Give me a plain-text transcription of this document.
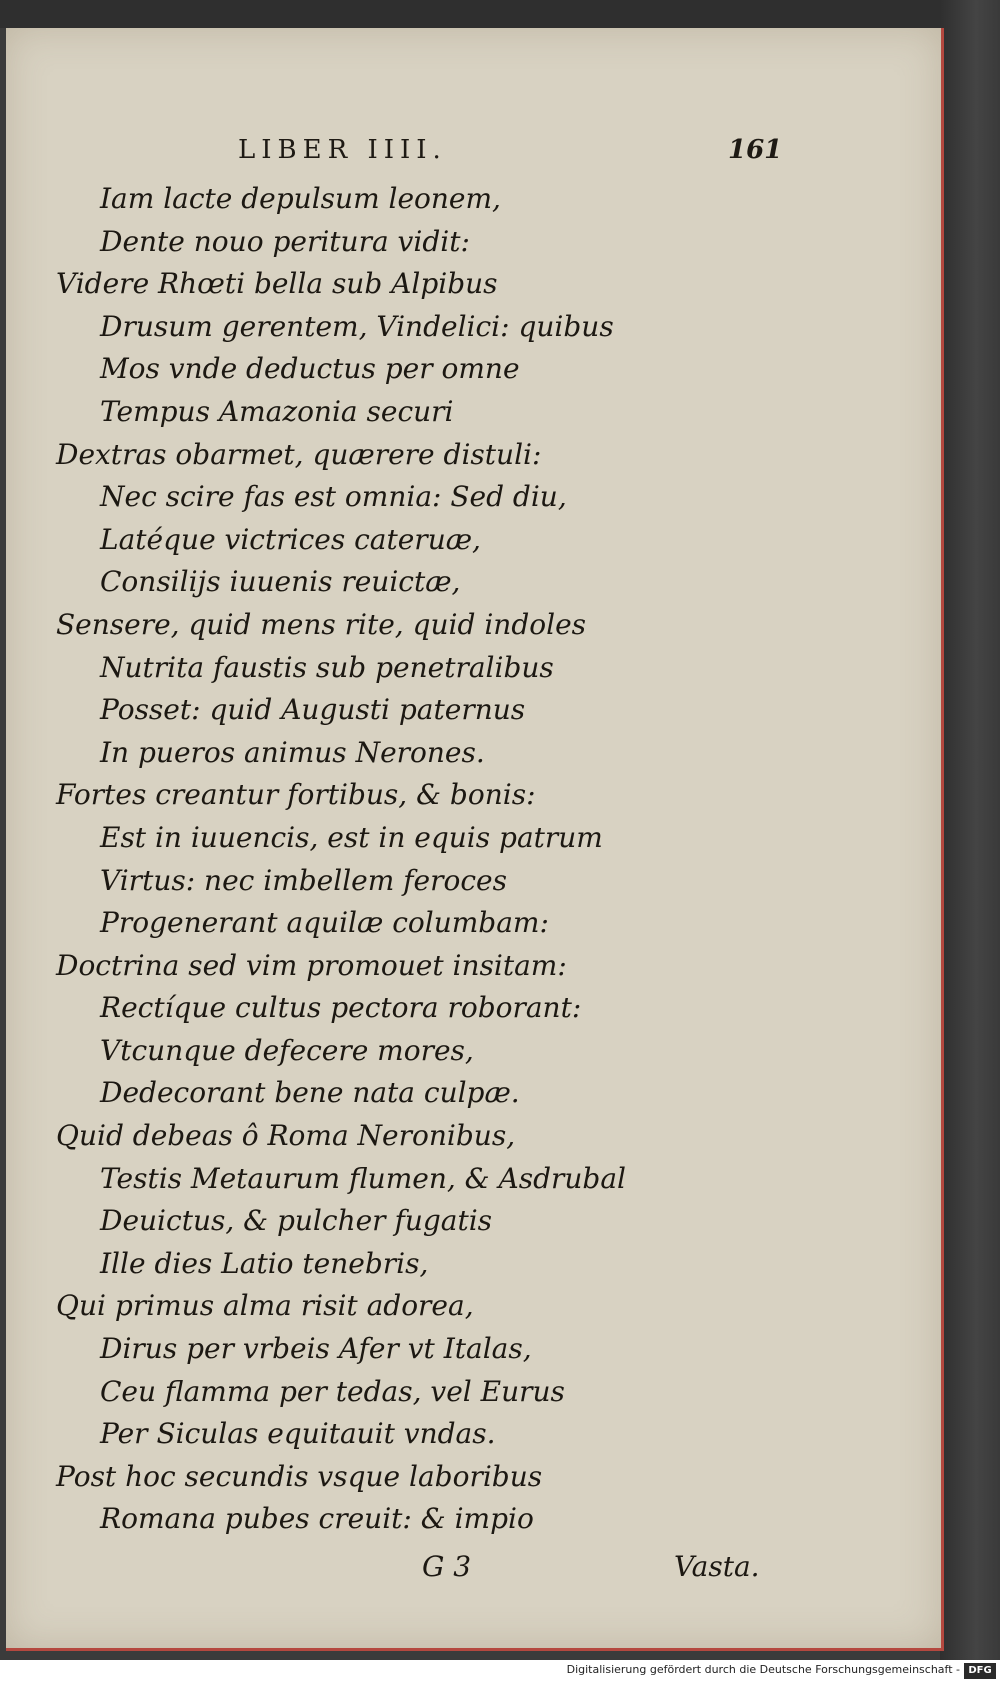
LIBER IIII.	161
Iam lacte depulsum leonem,
Dente nouo peritura vidit:
Videre Rhœti bella sub Alpibus
Drusum gerentem, Vindelici: quibus
Mos vnde deductus per omne
Tempus Amazonia securi
Dextras obarmet, quærere distuli:
Nec scire fas est omnia: Sed diu,
Latéque victrices cateruæ,
Consilijs iuuenis reuictæ,
Sensere, quid mens rite, quid indoles
Nutrita faustis sub penetralibus
Posset: quid Augusti paternus
In pueros animus Nerones.
Fortes creantur fortibus, & bonis:
Est in iuuencis, est in equis patrum
Virtus: nec imbellem feroces
Progenerant aquilæ columbam:
Doctrina sed vim promouet insitam:
Rectíque cultus pectora roborant:
Vtcunque defecere mores,
Dedecorant bene nata culpæ.
Quid debeas ô Roma Neronibus,
Testis Metaurum flumen, & Asdrubal
Deuictus, & pulcher fugatis
Ille dies Latio tenebris,
Qui primus alma risit adorea,
Dirus per vrbeis Afer vt Italas,
Ceu flamma per tedas, vel Eurus
Per Siculas equitauit vndas.
Post hoc secundis vsque laboribus
Romana pubes creuit: & impio
G 3	Vasta.
Digitalisierung gefördert durch die Deutsche Forschungsgemeinschaft - DFG
